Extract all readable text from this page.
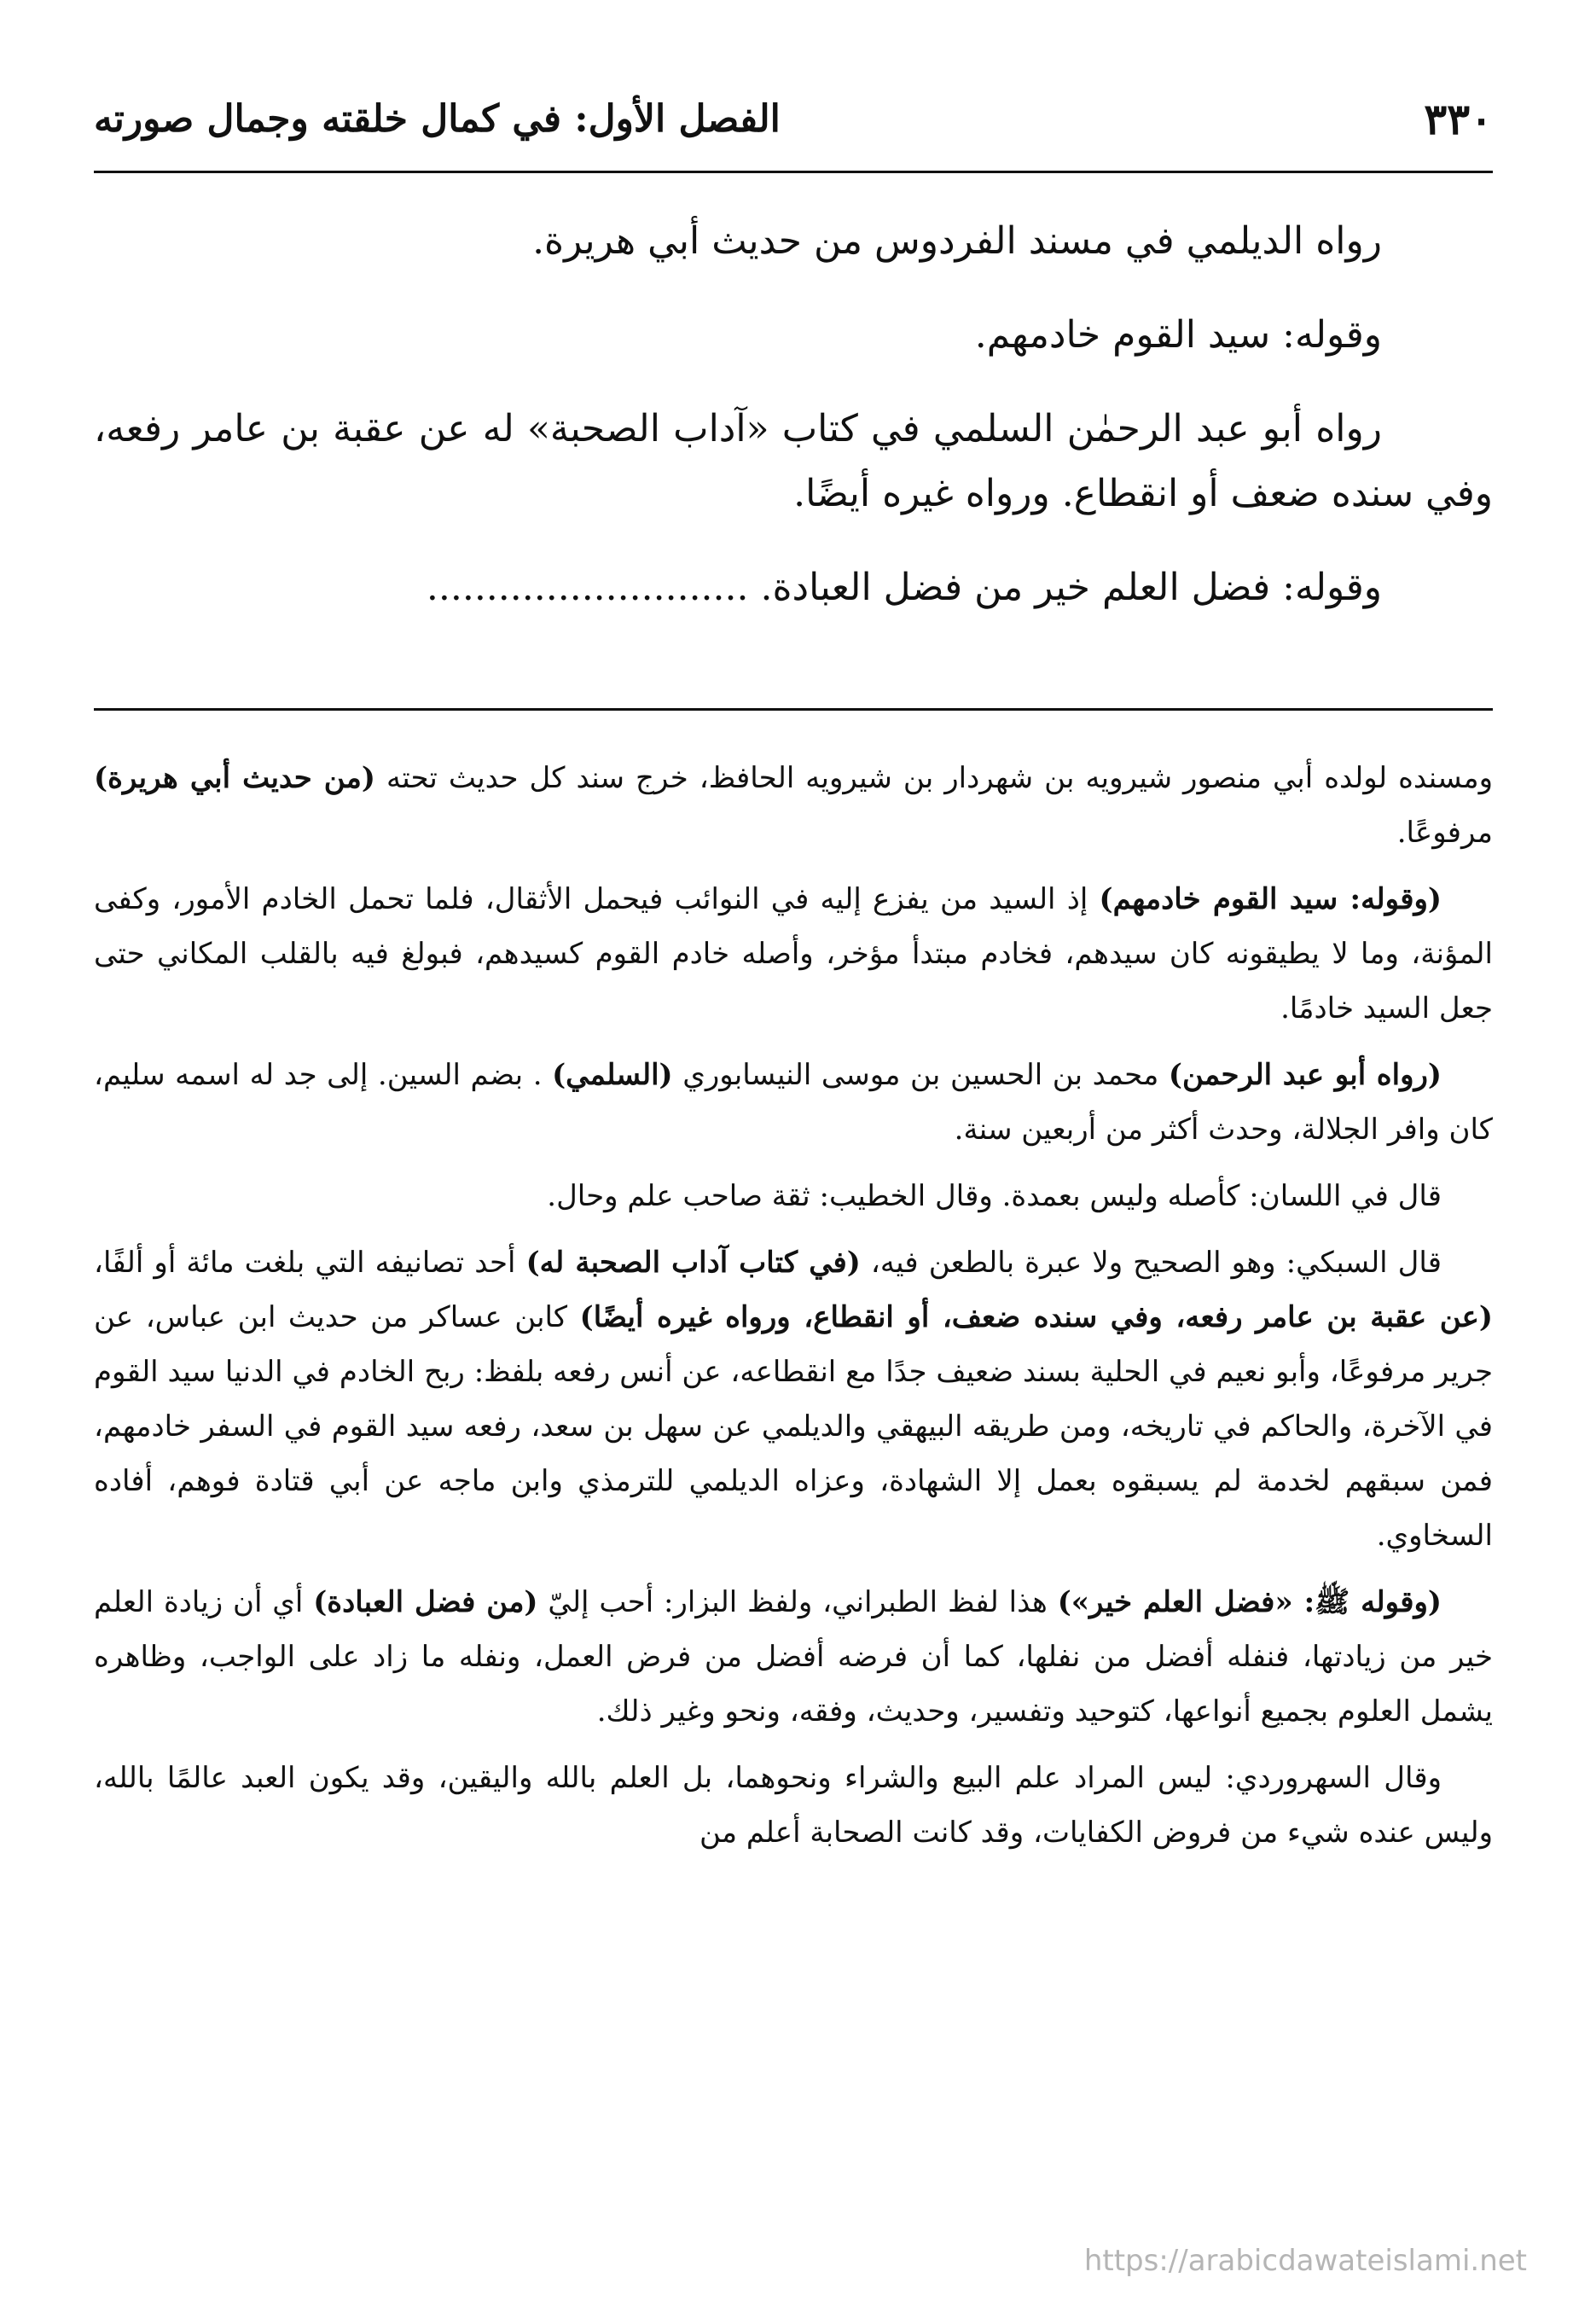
٣٣٠
الفصل الأول: في كمال خلقته وجمال صورته

رواه الديلمي في مسند الفردوس من حديث أبي هريرة.

وقوله: سيد القوم خادمهم.

رواه أبو عبد الرحمٰن السلمي في كتاب «آداب الصحبة» له عن عقبة بن عامر رفعه، وفي سنده ضعف أو انقطاع. ورواه غيره أيضًا.

وقوله: فضل العلم خير من فضل العبادة. ...........................

ومسنده لولده أبي منصور شيرويه بن شهردار بن شيرويه الحافظ، خرج سند كل حديث تحته (من حديث أبي هريرة) مرفوعًا.

(وقوله: سيد القوم خادمهم) إذ السيد من يفزع إليه في النوائب فيحمل الأثقال، فلما تحمل الخادم الأمور، وكفى المؤنة، وما لا يطيقونه كان سيدهم، فخادم مبتدأ مؤخر، وأصله خادم القوم كسيدهم، فبولغ فيه بالقلب المكاني حتى جعل السيد خادمًا.

(رواه أبو عبد الرحمن) محمد بن الحسين بن موسى النيسابوري (السلمي) . بضم السين. إلى جد له اسمه سليم، كان وافر الجلالة، وحدث أكثر من أربعين سنة.

قال في اللسان: كأصله وليس بعمدة. وقال الخطيب: ثقة صاحب علم وحال.

قال السبكي: وهو الصحيح ولا عبرة بالطعن فيه، (في كتاب آداب الصحبة له) أحد تصانيفه التي بلغت مائة أو ألفًا، (عن عقبة بن عامر رفعه، وفي سنده ضعف، أو انقطاع، ورواه غيره أيضًا) كابن عساكر من حديث ابن عباس، عن جرير مرفوعًا، وأبو نعيم في الحلية بسند ضعيف جدًا مع انقطاعه، عن أنس رفعه بلفظ: ربح الخادم في الدنيا سيد القوم في الآخرة، والحاكم في تاريخه، ومن طريقه البيهقي والديلمي عن سهل بن سعد، رفعه سيد القوم في السفر خادمهم، فمن سبقهم لخدمة لم يسبقوه بعمل إلا الشهادة، وعزاه الديلمي للترمذي وابن ماجه عن أبي قتادة فوهم، أفاده السخاوي.

(وقوله ﷺ: «فضل العلم خير») هذا لفظ الطبراني، ولفظ البزار: أحب إليّ (من فضل العبادة) أي أن زيادة العلم خير من زيادتها، فنفله أفضل من نفلها، كما أن فرضه أفضل من فرض العمل، ونفله ما زاد على الواجب، وظاهره يشمل العلوم بجميع أنواعها، كتوحيد وتفسير، وحديث، وفقه، ونحو وغير ذلك.

وقال السهروردي: ليس المراد علم البيع والشراء ونحوهما، بل العلم بالله واليقين، وقد يكون العبد عالمًا بالله، وليس عنده شيء من فروض الكفايات، وقد كانت الصحابة أعلم من

https://arabicdawateislami.net
